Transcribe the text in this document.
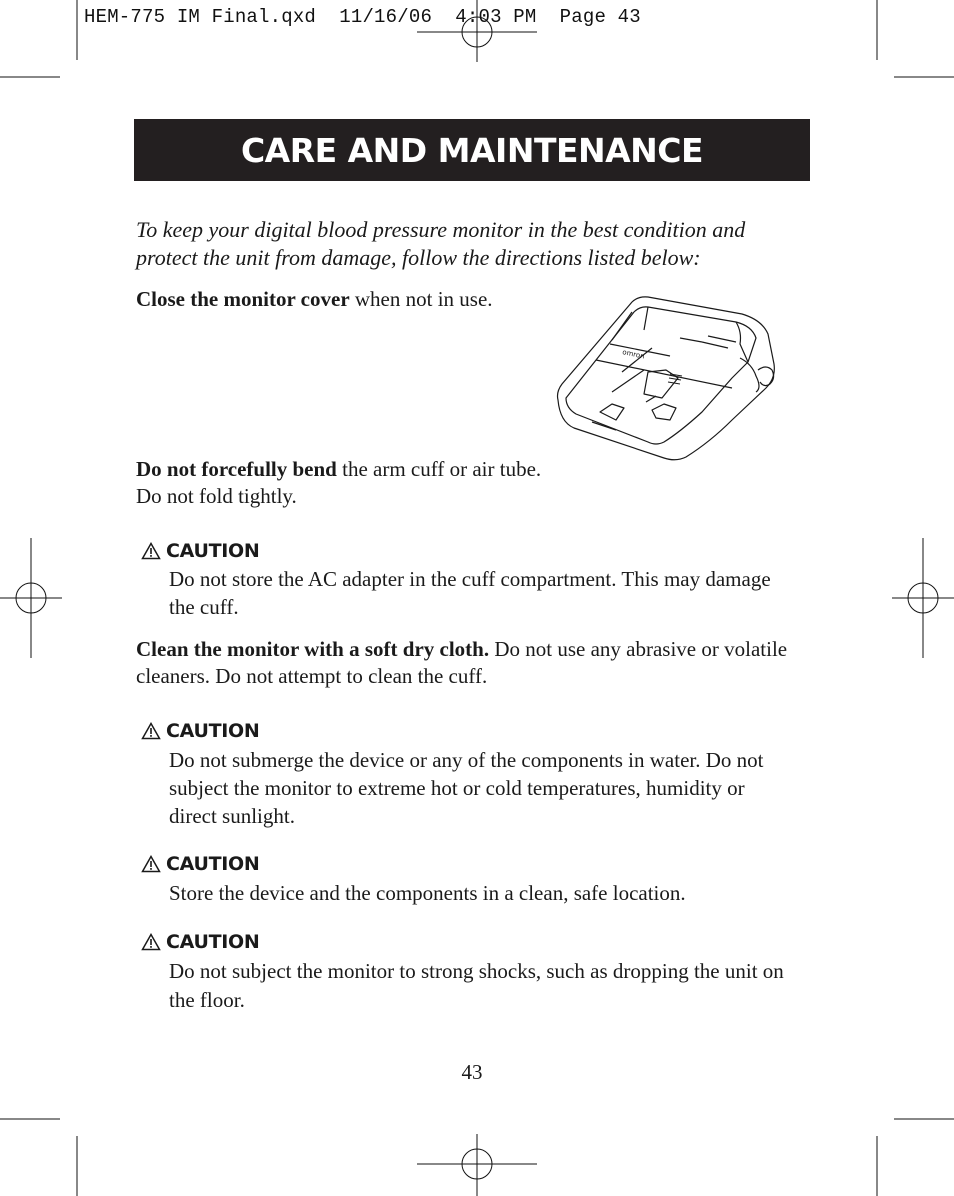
HEM-775 IM Final.qxd  11/16/06  4:03 PM  Page 43
CARE AND MAINTENANCE
To keep your digital blood pressure monitor in the best condition and protect the unit from damage, follow the directions listed below:
Close the monitor cover when not in use.
omron
Do not forcefully bend the arm cuff or air tube. Do not fold tightly.
CAUTION
Do not store the AC adapter in the cuff compartment. This may damage the cuff.
Clean the monitor with a soft dry cloth. Do not use any abrasive or volatile cleaners. Do not attempt to clean the cuff.
CAUTION
Do not submerge the device or any of the components in water. Do not subject the monitor to extreme hot or cold temperatures, humidity or direct sunlight.
CAUTION
Store the device and the components in a clean, safe location.
CAUTION
Do not subject the monitor to strong shocks, such as dropping the unit on the floor.
43
